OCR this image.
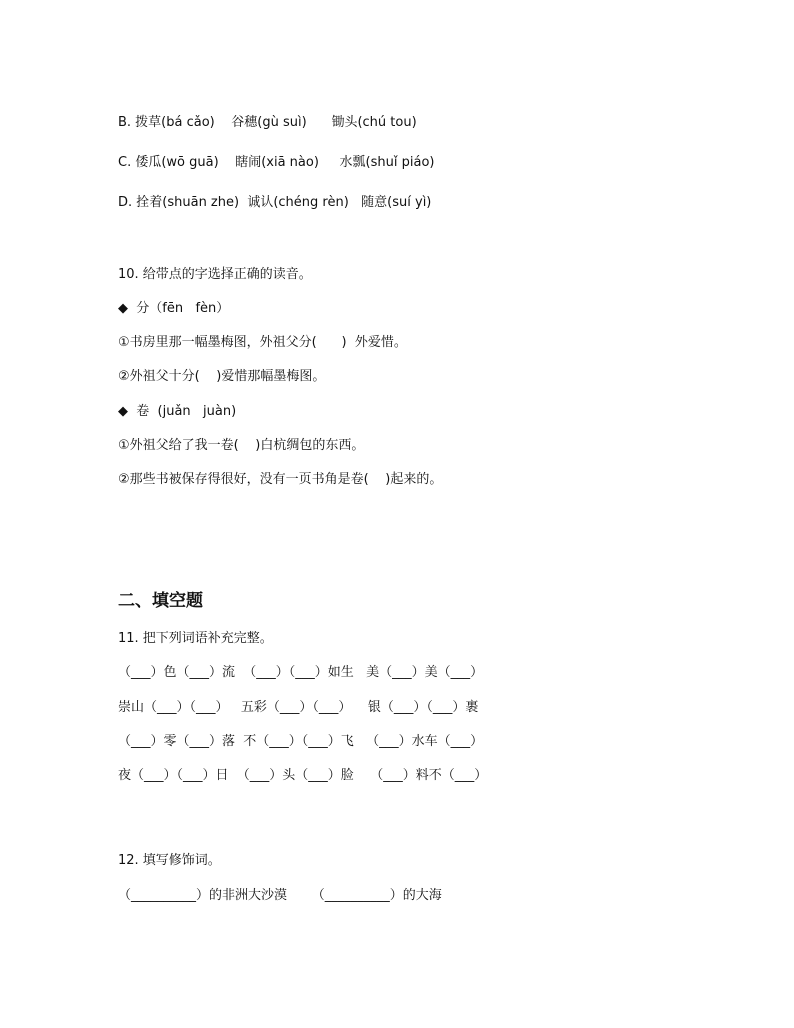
B. 拨草(bá cǎo)    谷穗(gù suì)      锄头(chú tou)
C. 倭瓜(wō guā)    瞎闹(xiā nào)     水瓢(shuǐ piáo)
D. 拴着(shuān zhe)  诚认(chéng rèn)   随意(suí yì)
10. 给带点的字选择正确的读音。
◆  分（fēn   fèn）
①书房里那一幅墨梅图，外祖父分(      )  外爱惜。
②外祖父十分(    )爱惜那幅墨梅图。
◆  卷  (juǎn   juàn)
①外祖父给了我一卷(    )白杭绸包的东西。
②那些书被保存得很好，没有一页书角是卷(    )起来的。
二、填空题
11. 把下列词语补充完整。
（___）色（___）流  （___）（___）如生   美（___）美（___）
崇山（___）（___）   五彩（___）（___）    银（___）（___）裹
（___）零（___）落  不（___）（___）飞   （___）水车（___）
夜（___）（___）日  （___）头（___）脸    （___）料不（___）
12. 填写修饰词。
（__________）的非洲大沙漠      （__________）的大海
